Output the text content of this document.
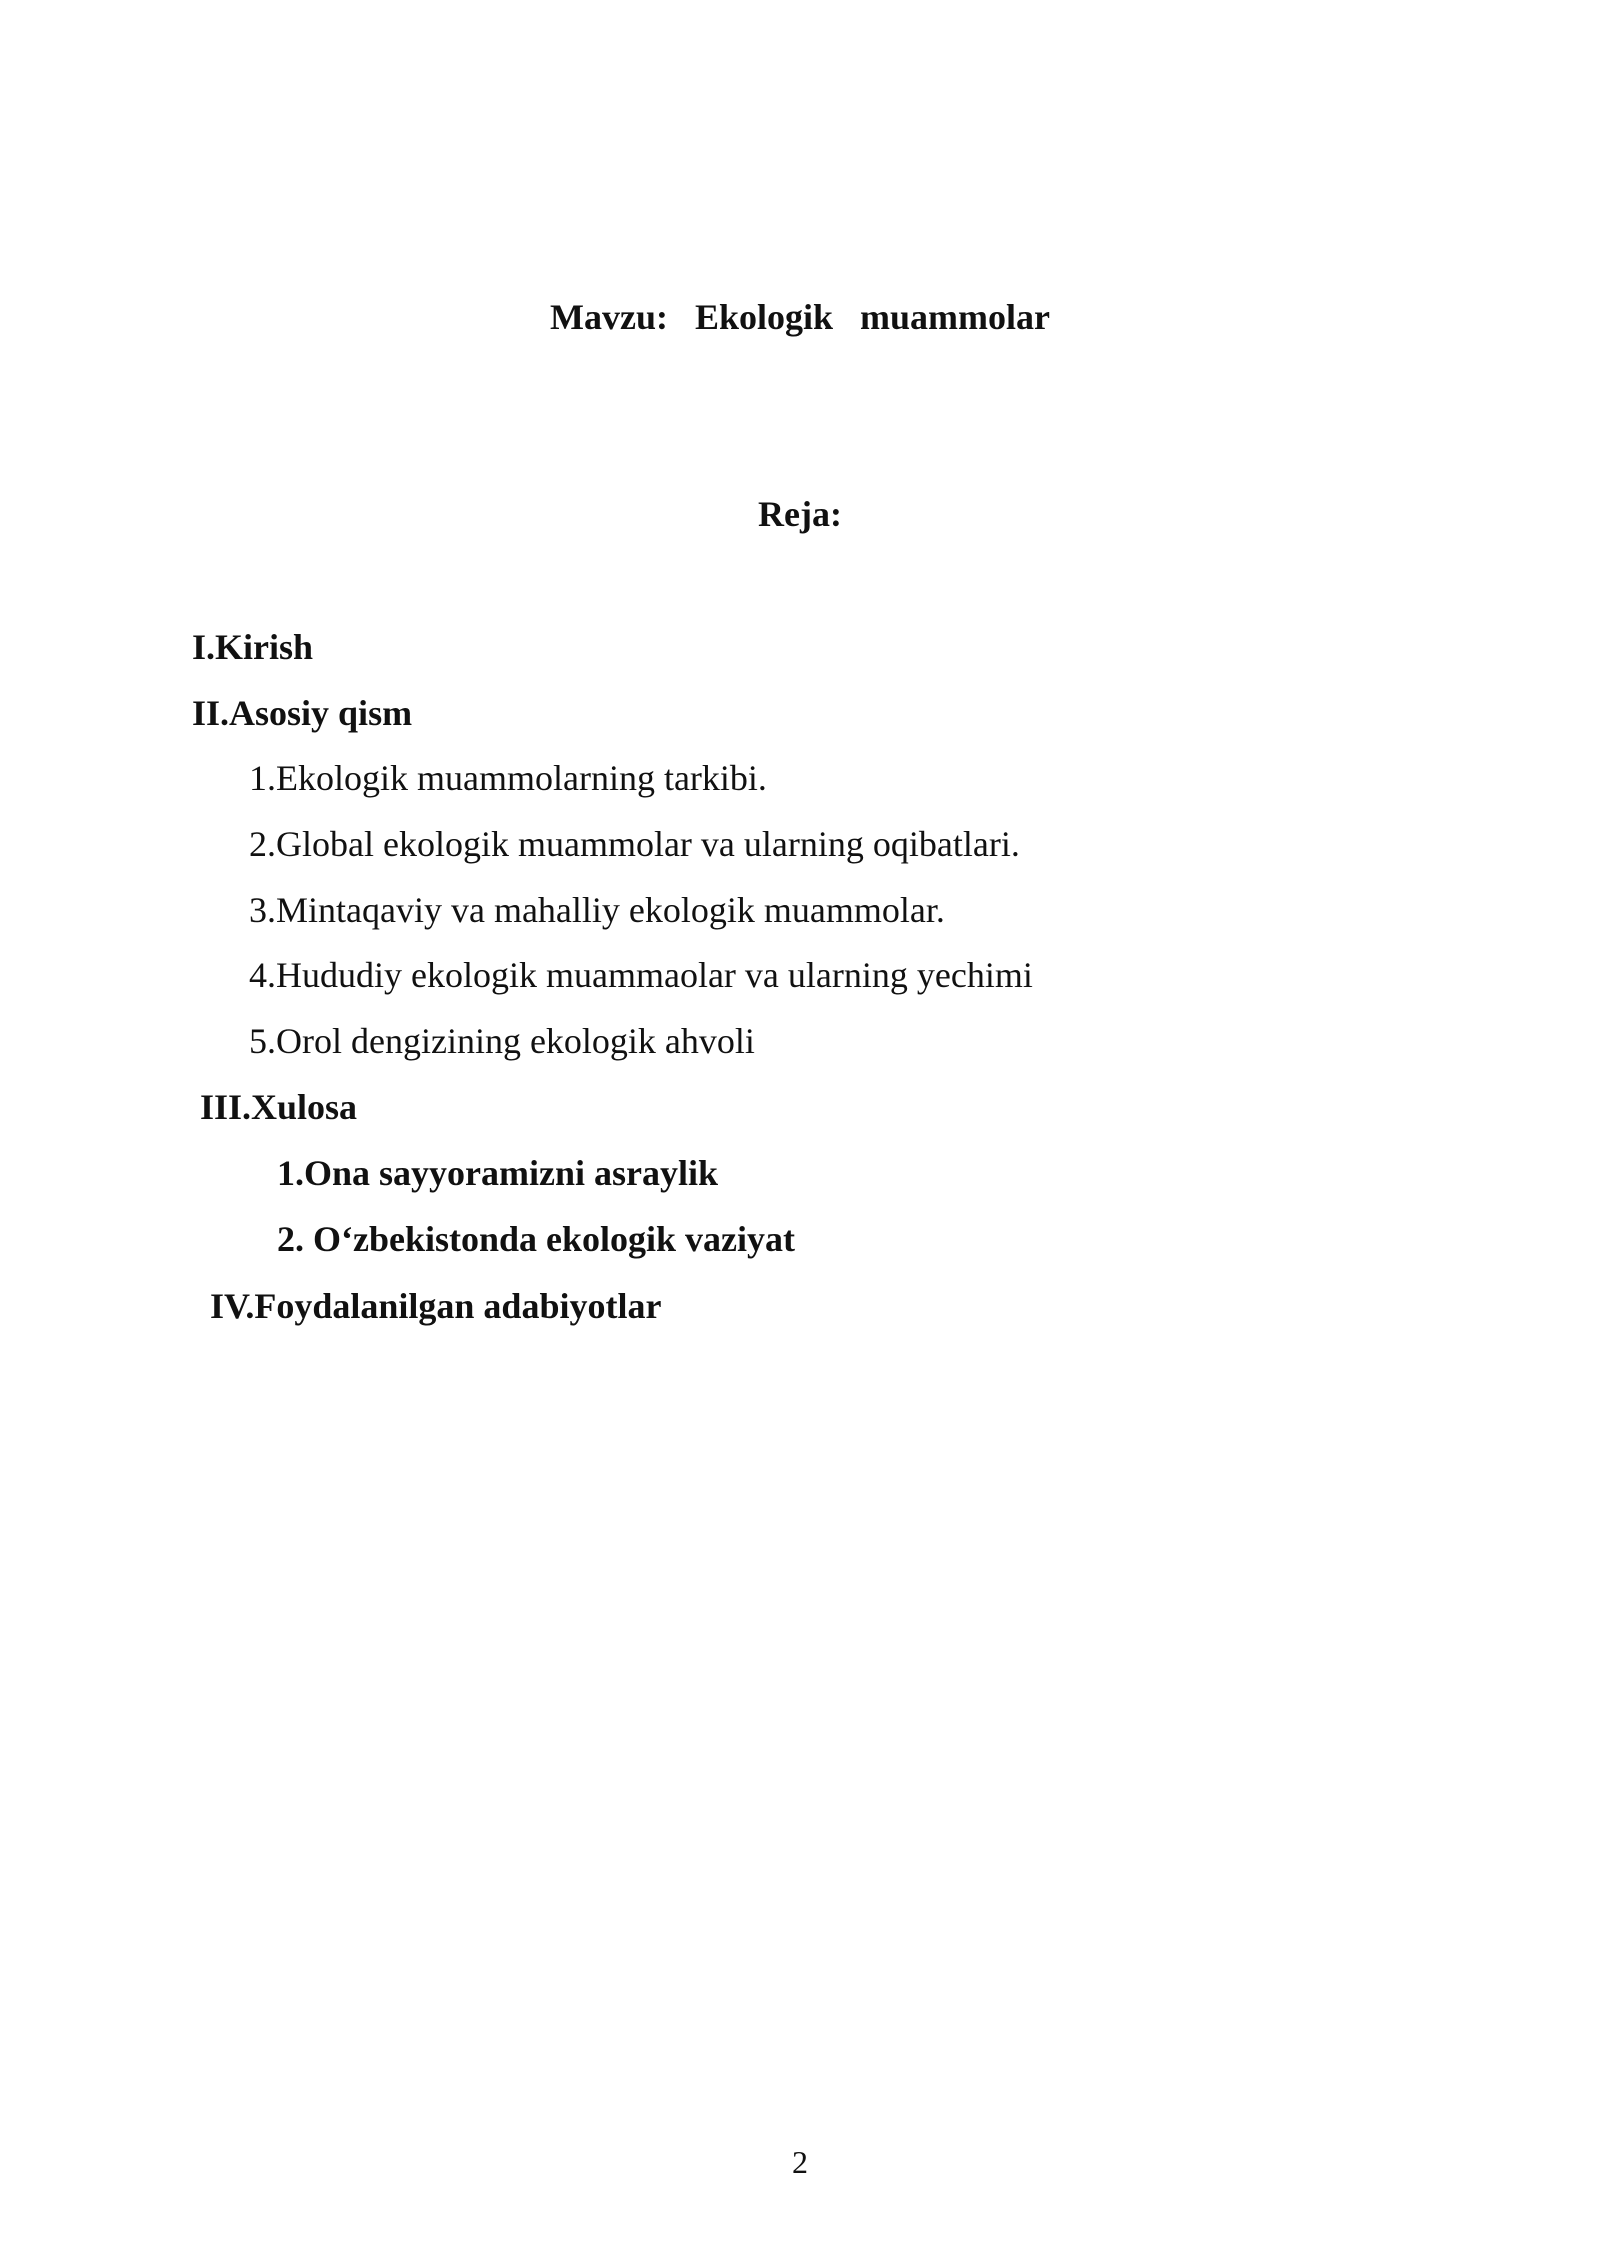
Mavzu:   Ekologik   muammolar
Reja:
I.Kirish
II.Asosiy qism
1.Ekologik muammolarning tarkibi.
2.Global ekologik muammolar va ularning oqibatlari.
3.Mintaqaviy va mahalliy ekologik muammolar.
4.Hududiy ekologik muammaolar va ularning yechimi
5.Orol dengizining ekologik ahvoli
III.Xulosa
1.Ona sayyoramizni asraylik
2. O‘zbekistonda ekologik vaziyat
IV.Foydalanilgan adabiyotlar
2
